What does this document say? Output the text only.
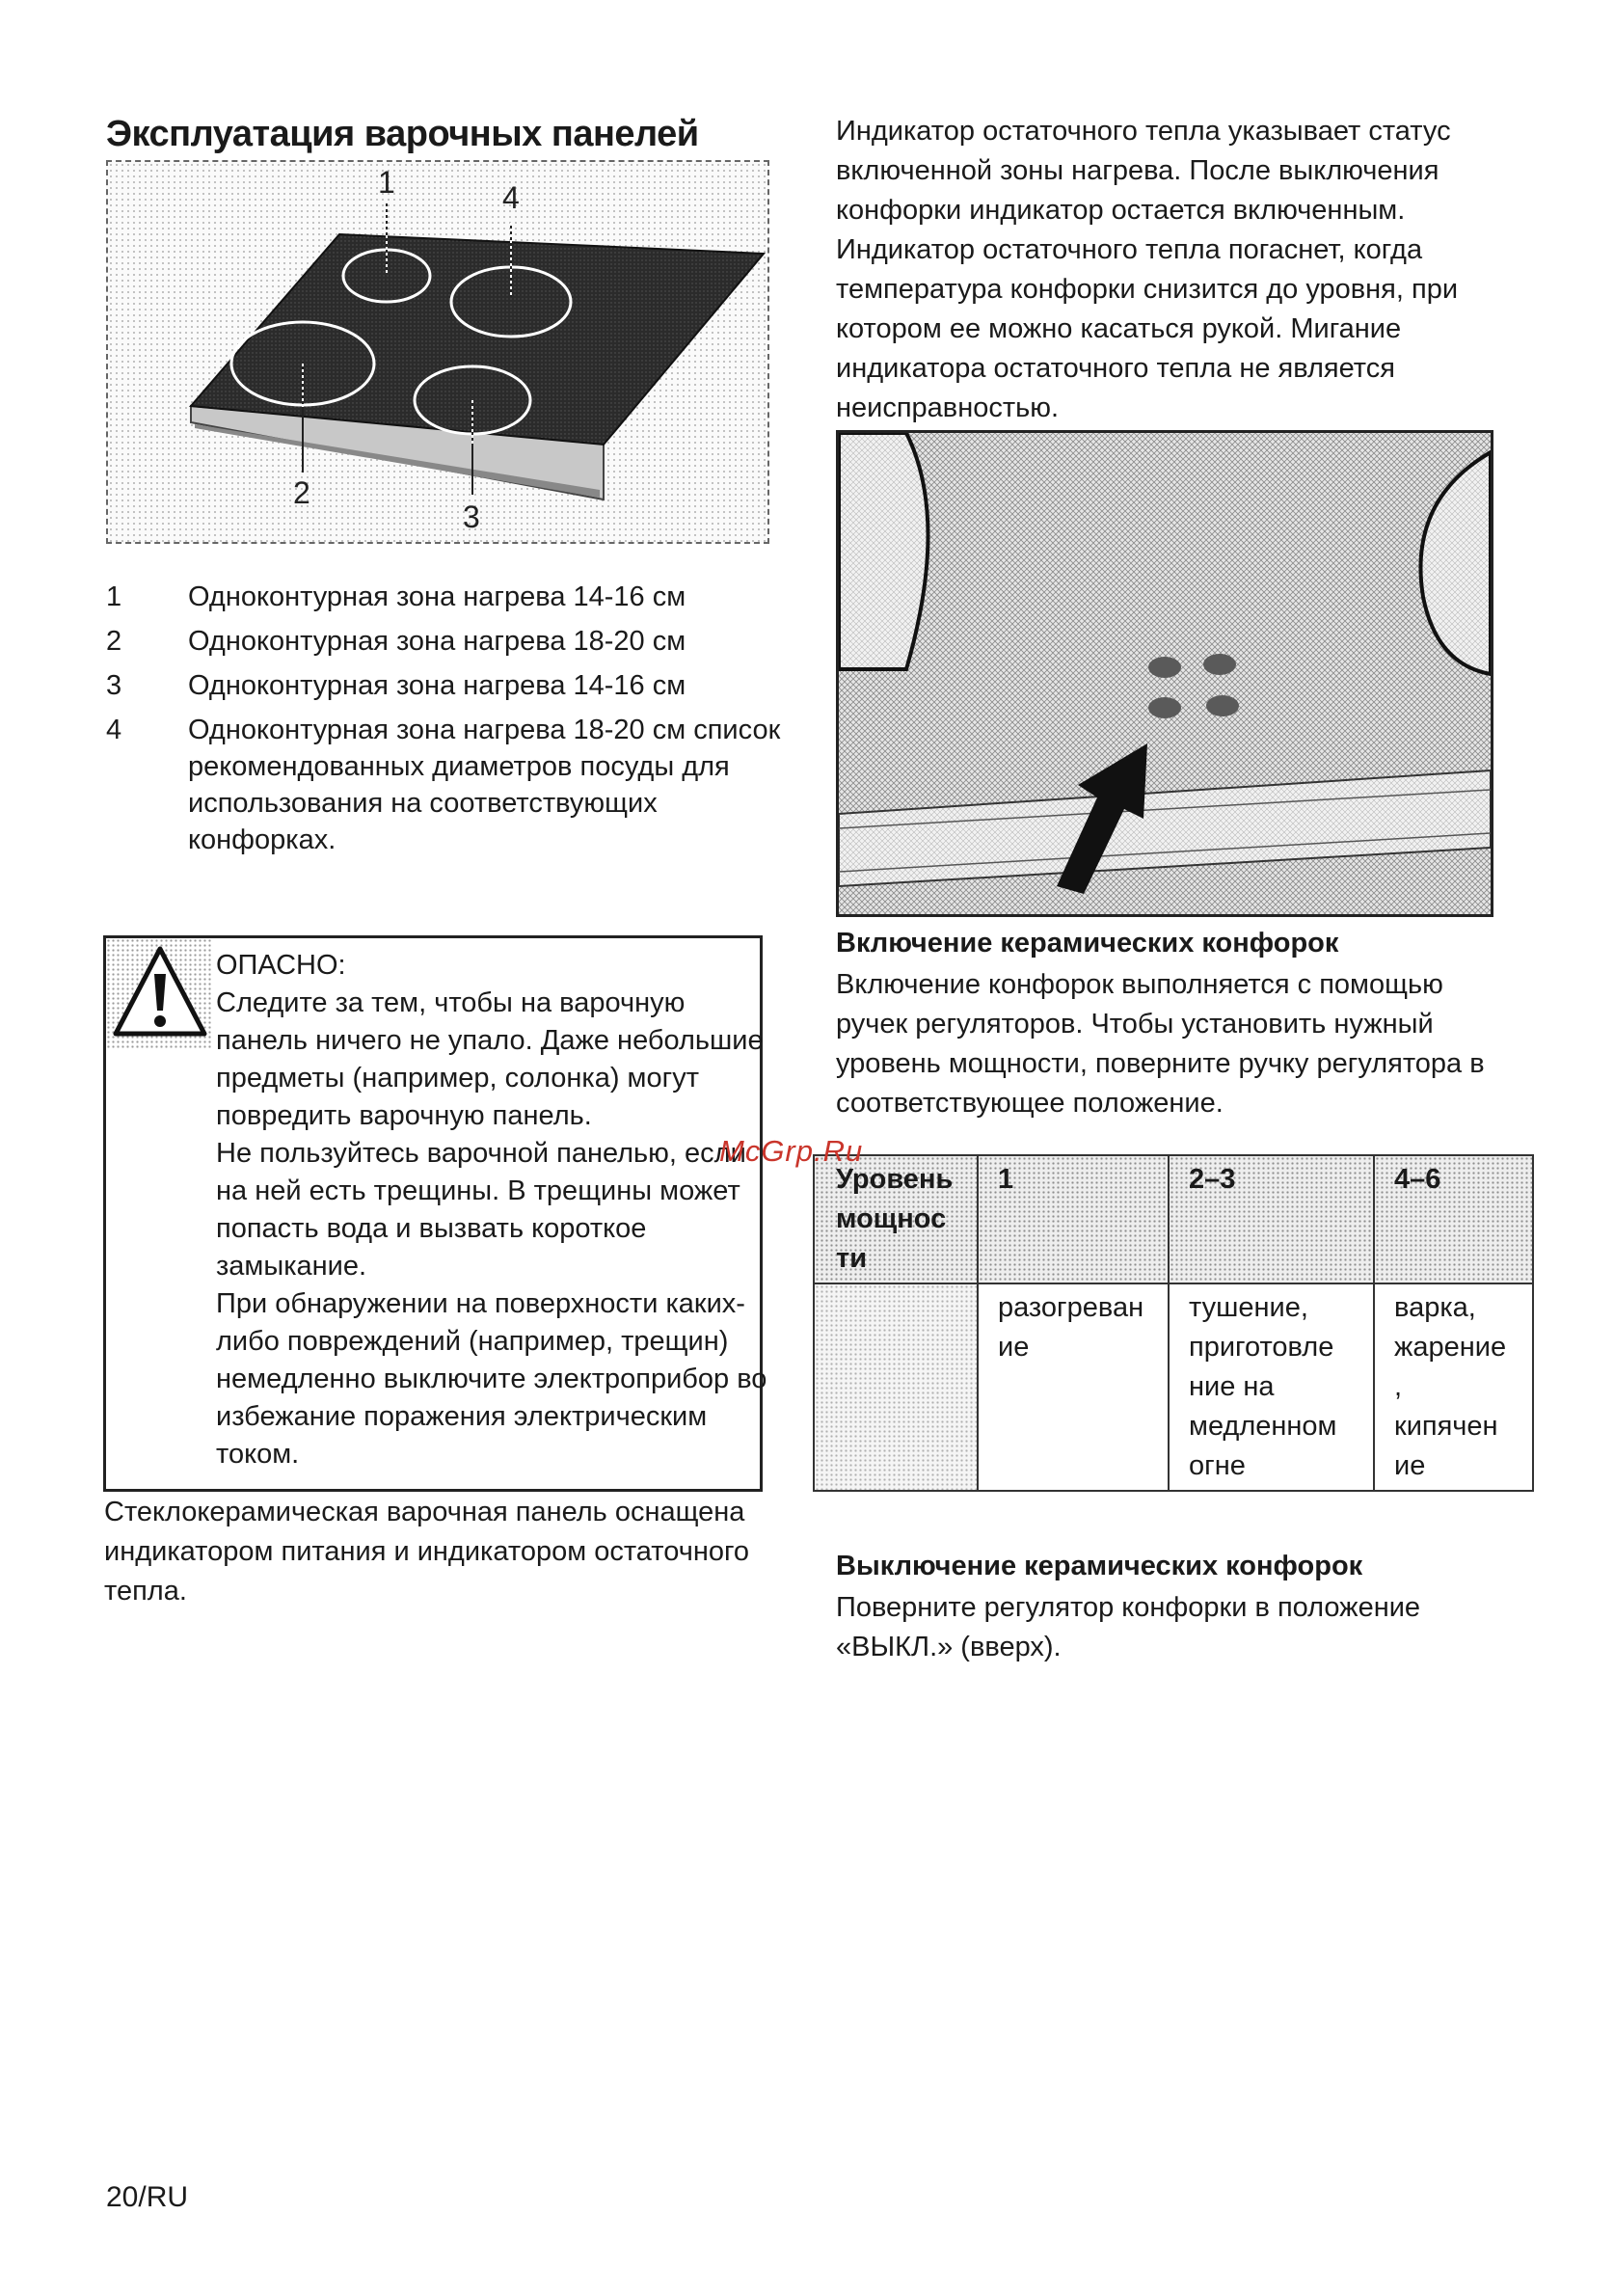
Эксплуатация варочных панелей
1	4
2
3
1	Одноконтурная зона нагрева 14-16 см
2	Одноконтурная зона нагрева 18-20 см
3	Одноконтурная зона нагрева 14-16 см
4	Одноконтурная зона нагрева 18-20 см список
рекомендованных диаметров посуды для
использования на соответствующих
конфорках.
ОПАСНО:
Следите за тем, чтобы на варочную
панель ничего не упало. Даже небольшие
предметы (например, солонка) могут
повредить варочную панель.
Не пользуйтесь варочной панелью, если
на ней есть трещины. В трещины может
попасть вода и вызвать короткое
замыкание.
При обнаружении на поверхности каких-
либо повреждений (например, трещин)
немедленно выключите электроприбор во
избежание поражения электрическим
током.
Стеклокерамическая варочная панель оснащена
индикатором питания и индикатором остаточного
тепла.
Индикатор остаточного тепла указывает статус
включенной зоны нагрева. После выключения
конфорки индикатор остается включенным.
Индикатор остаточного тепла погаснет, когда
температура конфорки снизится до уровня, при
котором ее можно касаться рукой. Мигание
индикатора остаточного тепла не является
неисправностью.
Включение керамических конфорок
Включение конфорок выполняется с помощью
ручек регуляторов. Чтобы установить нужный
уровень мощности, поверните ручку регулятора в
соответствующее положение.
Уровень
мощнос
ти	1	2–3	4–6

	разогреван
ие	тушение,
приготовле
ние на
медленном
огне	варка,
жарение
,
кипячен
ие
McGrp.Ru
Выключение керамических конфорок
Поверните регулятор конфорки в положение
«ВЫКЛ.» (вверх).
20/RU
